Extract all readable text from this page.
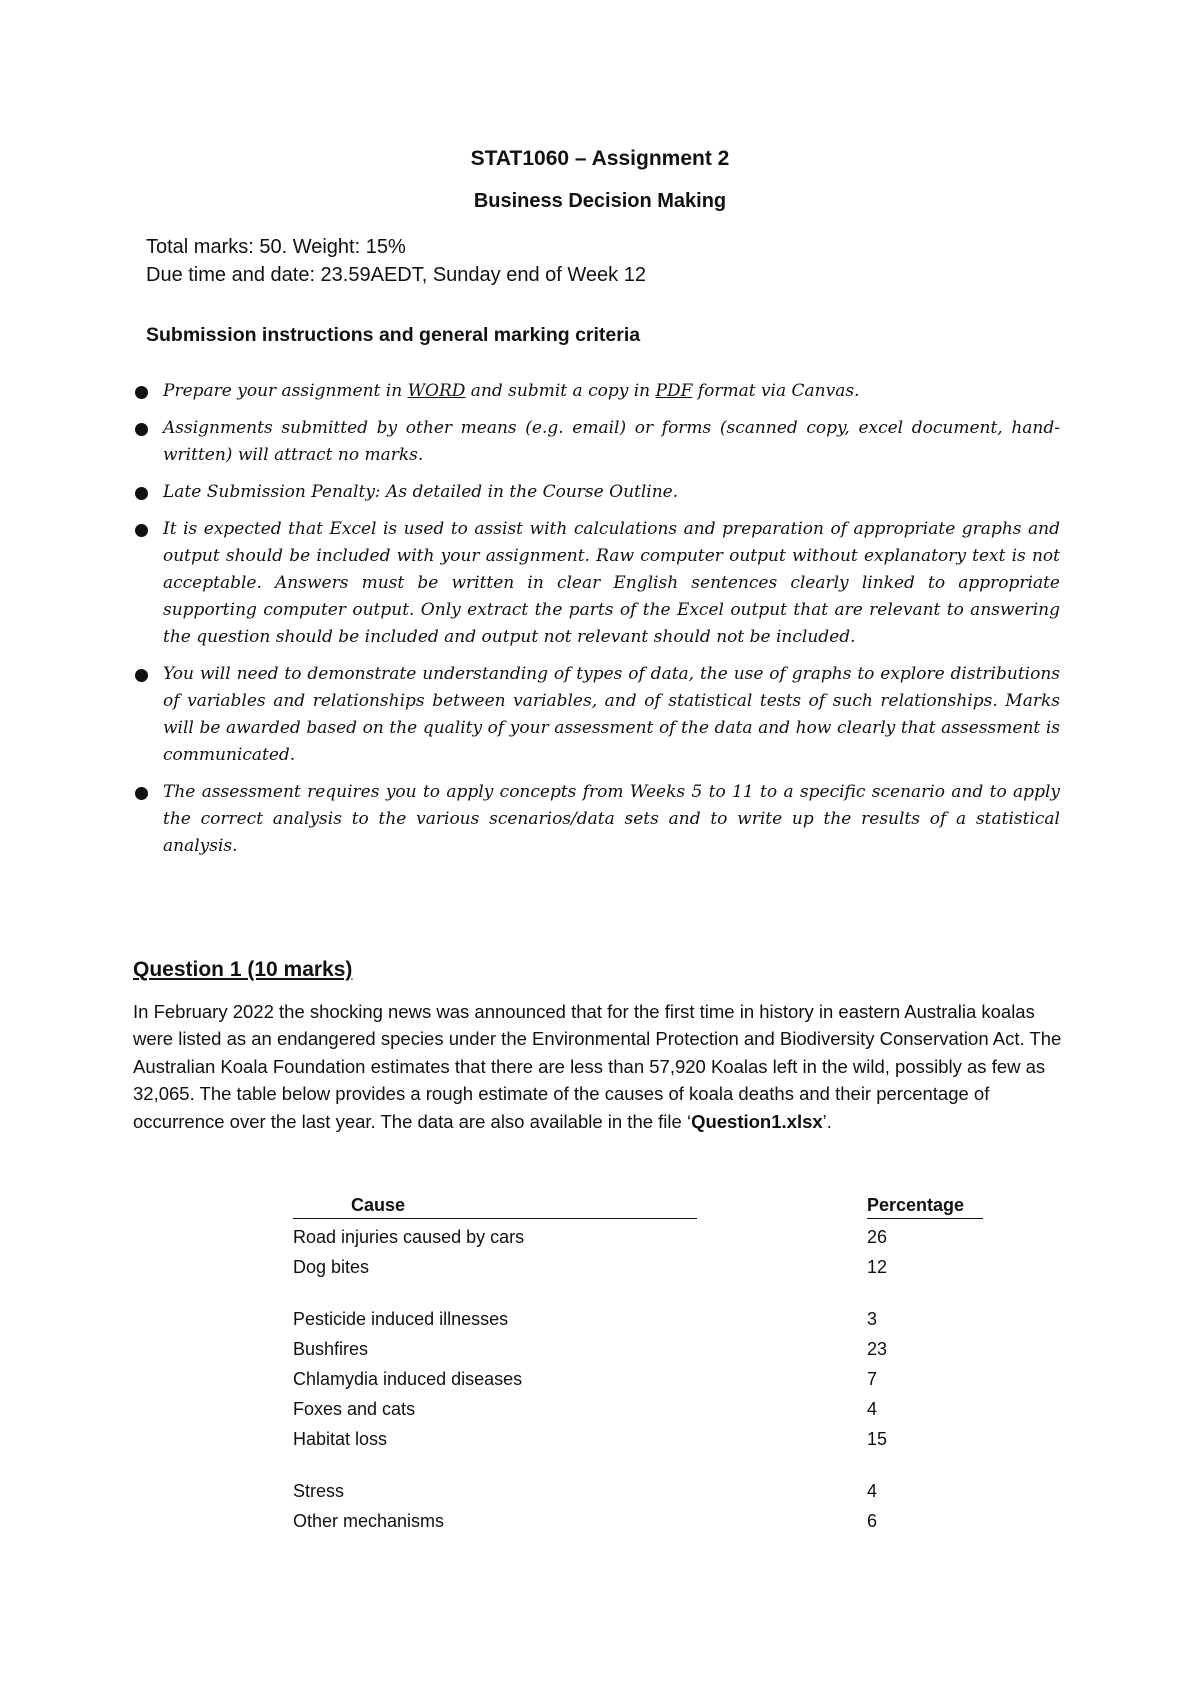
STAT1060 – Assignment 2
Business Decision Making
Total marks: 50. Weight: 15%
Due time and date: 23.59AEDT, Sunday end of Week 12
Submission instructions and general marking criteria

Prepare your assignment in WORD and submit a copy in PDF format via Canvas.

Assignments submitted by other means (e.g. email) or forms (scanned copy, excel document, hand-written) will attract no marks.

Late Submission Penalty: As detailed in the Course Outline.

It is expected that Excel is used to assist with calculations and preparation of appropriate graphs and output should be included with your assignment. Raw computer output without explanatory text is not acceptable. Answers must be written in clear English sentences clearly linked to appropriate supporting computer output. Only extract the parts of the Excel output that are relevant to answering the question should be included and output not relevant should not be included.

You will need to demonstrate understanding of types of data, the use of graphs to explore distributions of variables and relationships between variables, and of statistical tests of such relationships. Marks will be awarded based on the quality of your assessment of the data and how clearly that assessment is communicated.

The assessment requires you to apply concepts from Weeks 5 to 11 to a specific scenario and to apply the correct analysis to the various scenarios/data sets and to write up the results of a statistical analysis.

Question 1 (10 marks)
In February 2022 the shocking news was announced that for the first time in history in eastern Australia koalas were listed as an endangered species under the Environmental Protection and Biodiversity Conservation Act. The Australian Koala Foundation estimates that there are less than 57,920 Koalas left in the wild, possibly as few as 32,065. The table below provides a rough estimate of the causes of koala deaths and their percentage of occurrence over the last year. The data are also available in the file ‘Question1.xlsx’.
Cause	Percentage
Road injuries caused by cars	26
Dog bites	12
Pesticide induced illnesses	3
Bushfires	23
Chlamydia induced diseases	7
Foxes and cats	4
Habitat loss	15
Stress	4
Other mechanisms	6
